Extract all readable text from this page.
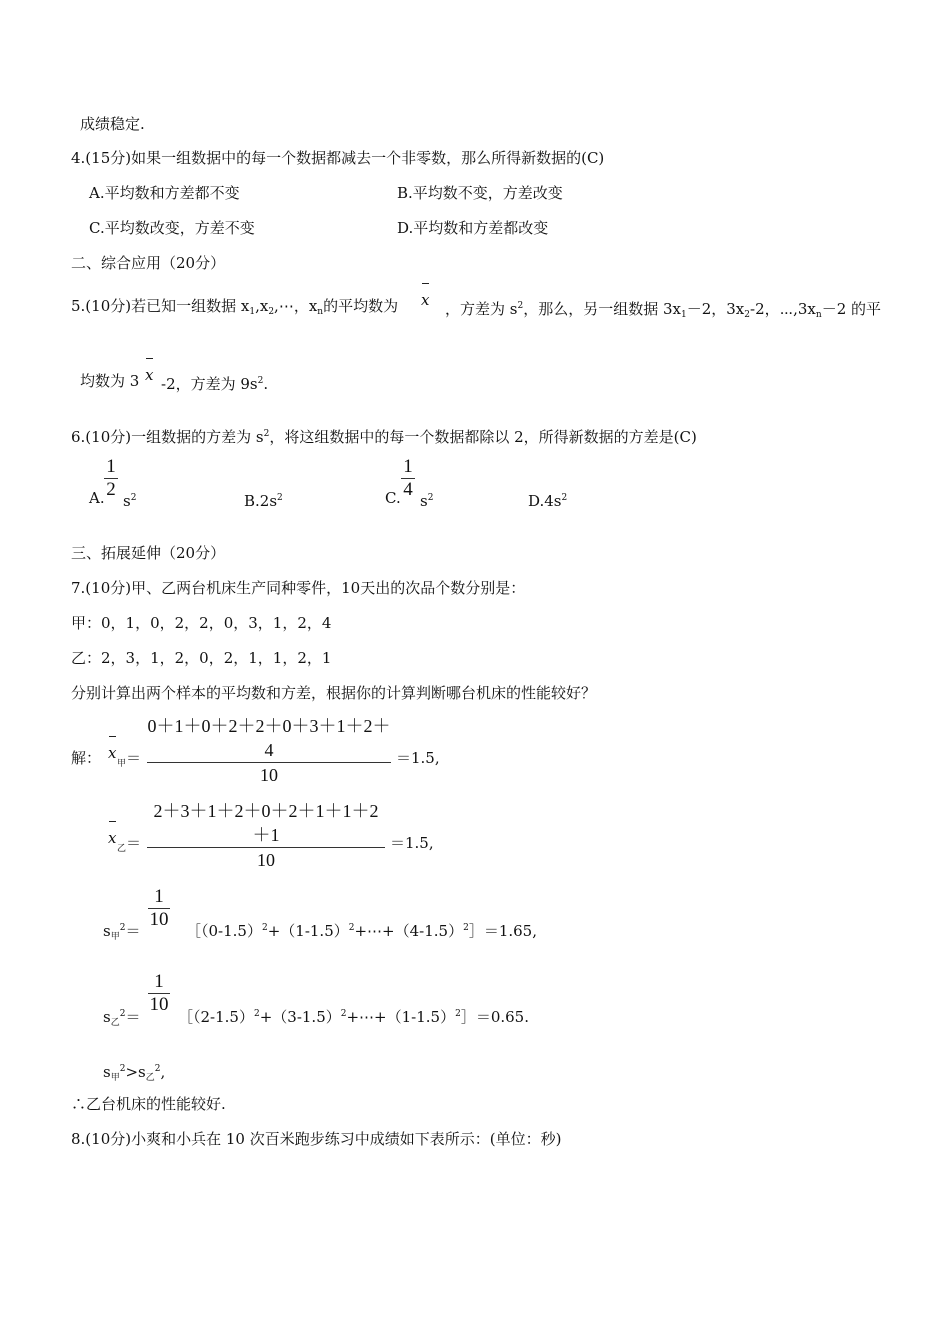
成绩稳定.
4.(15分)如果一组数据中的每一个数据都减去一个非零数，那么所得新数据的(C)
A.平均数和方差都不变	B.平均数不变，方差改变
C.平均数改变，方差不变	D.平均数和方差都改变
二、综合应用（20分）
5.(10分)若已知一组数据 $x_1,x_2,\cdots$，$x_n$的平均数为 x ，方差为 $s^2$，那么，另一组数据 $3x_1-2$，$3x_2-2$，$\cdots,3x_n-2$ 的平
均数为 3 x -2，方差为 $9s^2$.
6.(10分)一组数据的方差为 $s^2$，将这组数据中的每一个数据都除以 2，所得新数据的方差是(C)
A.
1
2
$s^2$	$B.2s^2$	C.
1
4
$s^2$	$D.4s^2$
三、拓展延伸（20分）
7.(10分)甲、乙两台机床生产同种零件，10天出的次品个数分别是：
甲：0，1，0，2，2，0，3，1，2，4
乙：2，3，1，2，0，2，1，1，2，1
分别计算出两个样本的平均数和方差，根据你的计算判断哪台机床的性能较好？
解： x
$_甲$＝
0＋1＋0＋2＋2＋0＋3＋1＋2＋4
10
＝1.5,
x
$_乙$＝
2＋3＋1＋2＋0＋2＋1＋1＋2＋1
10
＝1.5,
$s_甲^2=$
1
10
$[(0-1.5)^2+(1-1.5)^2+\cdots+(4-1.5)^2]=1.65$,
$s_乙^2=$
1
10
$[(2-1.5)^2+(3-1.5)^2+\cdots+(1-1.5)^2]=0.65$.
$s_甲^2>s_乙^2$,
∴乙台机床的性能较好.
8.(10分)小爽和小兵在 10 次百米跑步练习中成绩如下表所示：(单位：秒)
